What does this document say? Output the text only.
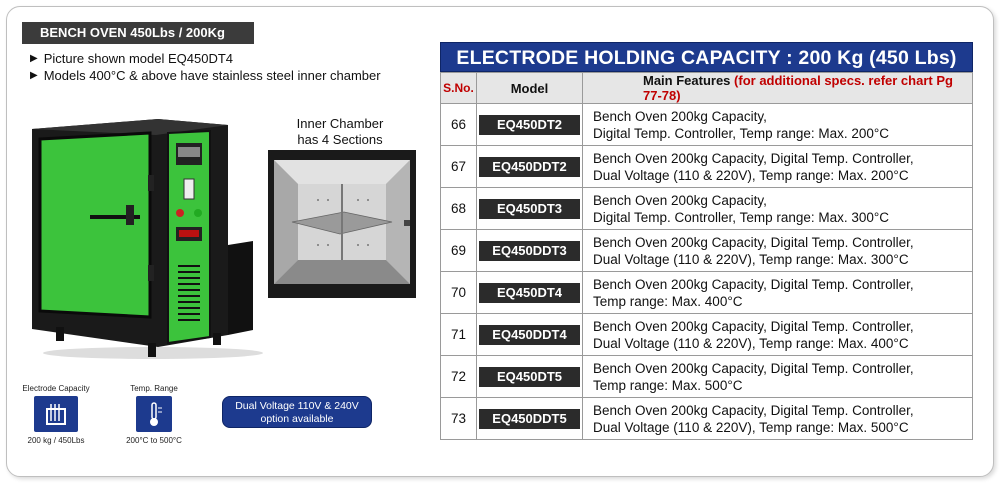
BENCH OVEN 450Lbs / 200Kg
▶ Picture shown model EQ450DT4
▶ Models 400°C & above have stainless steel inner chamber
Inner Chamber
has 4 Sections
Electrode Capacity
200 kg / 450Lbs
Temp. Range
200°C to 500°C
Dual Voltage 110V & 240V
option available
ELECTRODE HOLDING CAPACITY : 200 Kg (450 Lbs)
S.No.	Model	Main Features (for additional specs. refer chart Pg 77-78)
66	EQ450DT2	Bench Oven 200kg Capacity,
Digital Temp. Controller, Temp range: Max. 200°C

67	EQ450DDT2	Bench Oven 200kg Capacity, Digital Temp. Controller,
Dual Voltage (110 & 220V), Temp range: Max. 200°C

68	EQ450DT3	Bench Oven 200kg Capacity,
Digital Temp. Controller, Temp range: Max. 300°C

69	EQ450DDT3	Bench Oven 200kg Capacity, Digital Temp. Controller,
Dual Voltage (110 & 220V), Temp range: Max. 300°C

70	EQ450DT4	Bench Oven 200kg Capacity, Digital Temp. Controller,
Temp range: Max. 400°C

71	EQ450DDT4	Bench Oven 200kg Capacity, Digital Temp. Controller,
Dual Voltage (110 & 220V), Temp range: Max. 400°C

72	EQ450DT5	Bench Oven 200kg Capacity, Digital Temp. Controller,
Temp range: Max. 500°C

73	EQ450DDT5	Bench Oven 200kg Capacity, Digital Temp. Controller,
Dual Voltage (110 & 220V), Temp range: Max. 500°C
